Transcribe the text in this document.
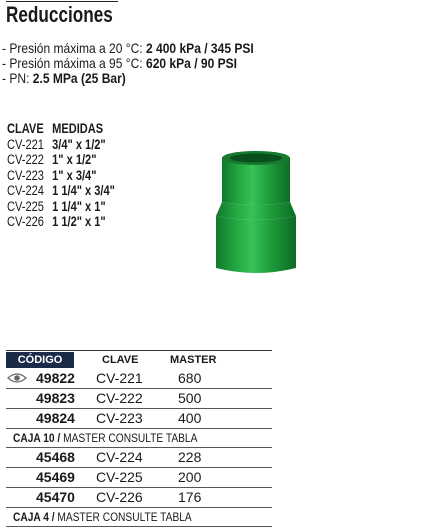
Reducciones
- Presión máxima a 20 °C: 2 400 kPa / 345 PSI
- Presión máxima a 95 °C: 620 kPa / 90 PSI
- PN: 2.5 MPa (25 Bar)
CLAVE MEDIDAS
CV-221 3/4" x 1/2"
CV-222 1" x 1/2"
CV-223 1" x 3/4"
CV-224 1 1/4" x 3/4"
CV-225 1 1/4" x 1"
CV-226 1 1/2" x 1"
CÓDIGO	CLAVE	MASTER
49822 CV-221	680
49823 CV-222	500
49824 CV-223	400
CAJA 10 / MASTER CONSULTE TABLA
45468 CV-224	228
45469 CV-225	200
45470 CV-226	176
CAJA 4 / MASTER CONSULTE TABLA
